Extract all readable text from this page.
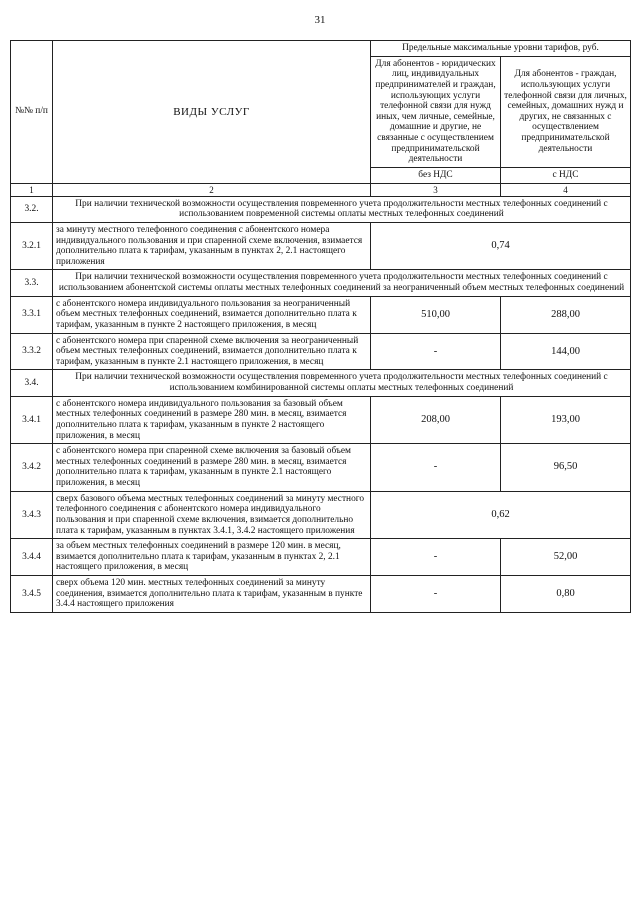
31
№№ п/п	ВИДЫ УСЛУГ	Предельные максимальные уровни тарифов, руб.	
		Для абонентов - юридических лиц, индивидуальных предпринимателей и граждан, использующих услуги телефонной связи для нужд иных, чем личные, семейные, домашние и другие, не связанные с осуществлением предпринимательской деятельности	Для абонентов - граждан, использующих услуги телефонной связи для личных, семейных, домашних нужд и других, не связанных с осуществлением предпринимательской деятельности
		без НДС	с НДС
1	2	3	4
3.2.	При наличии технической возможности осуществления повременного учета продолжительности местных телефонных соединений с использованием повременной системы оплаты местных телефонных соединений		
3.2.1	за минуту местного телефонного соединения с абонентского номера индивидуального пользования и при спаренной схеме включения, взимается дополнительно плата к тарифам, указанным в пунктах 2, 2.1 настоящего приложения	0,74	
3.3.	При наличии технической возможности осуществления повременного учета продолжительности местных телефонных соединений с использованием абонентской системы оплаты местных телефонных соединений за неограниченный объем местных телефонных соединений		
3.3.1	с абонентского номера индивидуального пользования за неограниченный объем местных телефонных соединений, взимается дополнительно плата к тарифам, указанным в пункте 2 настоящего приложения, в месяц	510,00	288,00
3.3.2	с абонентского номера при спаренной схеме включения за неограниченный объем местных телефонных соединений, взимается дополнительно плата к тарифам, указанным в пункте 2.1 настоящего приложения, в месяц	-	144,00
3.4.	При наличии технической возможности осуществления повременного учета продолжительности местных телефонных соединений с использованием комбинированной системы оплаты местных телефонных соединений		
3.4.1	с абонентского номера индивидуального пользования за базовый объем местных телефонных соединений в размере 280 мин. в месяц, взимается дополнительно плата к тарифам, указанным в пункте 2 настоящего приложения, в месяц	208,00	193,00
3.4.2	с абонентского номера при спаренной схеме включения за базовый объем местных телефонных соединений в размере 280 мин. в месяц, взимается дополнительно плата к тарифам, указанным в пункте 2.1 настоящего приложения, в месяц	-	96,50
3.4.3	сверх базового объема местных телефонных соединений за минуту местного телефонного соединения с абонентского номера индивидуального пользования и при спаренной схеме включения, взимается дополнительно плата к тарифам, указанным в пунктах 3.4.1, 3.4.2 настоящего приложения	0,62	
3.4.4	за объем местных телефонных соединений в размере 120 мин. в месяц, взимается дополнительно плата к тарифам, указанным в пунктах 2, 2.1 настоящего приложения, в месяц	-	52,00
3.4.5	сверх объема 120 мин. местных телефонных соединений за минуту соединения, взимается дополнительно плата к тарифам, указанным в пункте 3.4.4 настоящего приложения	-	0,80
